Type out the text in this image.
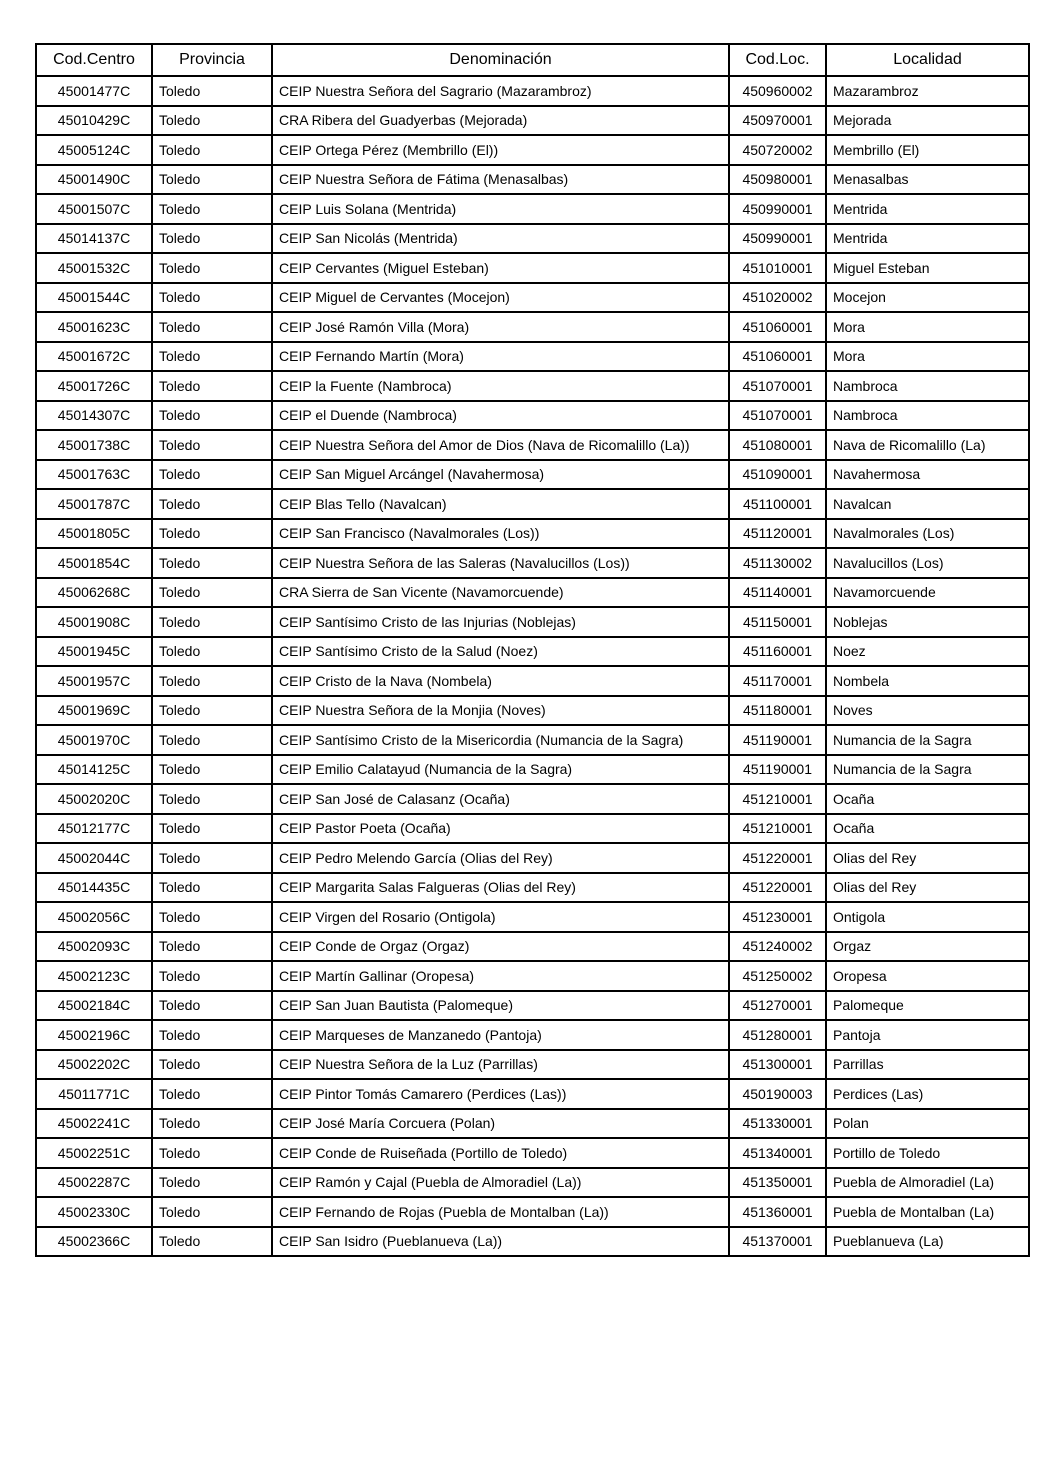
Cod.Centro	Provincia	Denominación	Cod.Loc.	Localidad
45001477C	Toledo	CEIP Nuestra Señora del Sagrario (Mazarambroz)	450960002	Mazarambroz
45010429C	Toledo	CRA Ribera del Guadyerbas (Mejorada)	450970001	Mejorada
45005124C	Toledo	CEIP Ortega Pérez (Membrillo (El))	450720002	Membrillo (El)
45001490C	Toledo	CEIP Nuestra Señora de Fátima (Menasalbas)	450980001	Menasalbas
45001507C	Toledo	CEIP Luis Solana (Mentrida)	450990001	Mentrida
45014137C	Toledo	CEIP San Nicolás (Mentrida)	450990001	Mentrida
45001532C	Toledo	CEIP Cervantes (Miguel Esteban)	451010001	Miguel Esteban
45001544C	Toledo	CEIP Miguel de Cervantes (Mocejon)	451020002	Mocejon
45001623C	Toledo	CEIP José Ramón Villa (Mora)	451060001	Mora
45001672C	Toledo	CEIP Fernando Martín (Mora)	451060001	Mora
45001726C	Toledo	CEIP la Fuente (Nambroca)	451070001	Nambroca
45014307C	Toledo	CEIP el Duende (Nambroca)	451070001	Nambroca
45001738C	Toledo	CEIP Nuestra Señora del Amor de Dios (Nava de Ricomalillo (La))	451080001	Nava de Ricomalillo (La)
45001763C	Toledo	CEIP San Miguel Arcángel (Navahermosa)	451090001	Navahermosa
45001787C	Toledo	CEIP Blas Tello (Navalcan)	451100001	Navalcan
45001805C	Toledo	CEIP San Francisco (Navalmorales (Los))	451120001	Navalmorales (Los)
45001854C	Toledo	CEIP Nuestra Señora de las Saleras (Navalucillos (Los))	451130002	Navalucillos (Los)
45006268C	Toledo	CRA Sierra de San Vicente (Navamorcuende)	451140001	Navamorcuende
45001908C	Toledo	CEIP Santísimo Cristo de las Injurias (Noblejas)	451150001	Noblejas
45001945C	Toledo	CEIP Santísimo Cristo de la Salud (Noez)	451160001	Noez
45001957C	Toledo	CEIP Cristo de la Nava (Nombela)	451170001	Nombela
45001969C	Toledo	CEIP Nuestra Señora de la Monjia (Noves)	451180001	Noves
45001970C	Toledo	CEIP Santísimo Cristo de la Misericordia (Numancia de la Sagra)	451190001	Numancia de la Sagra
45014125C	Toledo	CEIP Emilio Calatayud (Numancia de la Sagra)	451190001	Numancia de la Sagra
45002020C	Toledo	CEIP San José de Calasanz (Ocaña)	451210001	Ocaña
45012177C	Toledo	CEIP Pastor Poeta (Ocaña)	451210001	Ocaña
45002044C	Toledo	CEIP Pedro Melendo García (Olias del Rey)	451220001	Olias del Rey
45014435C	Toledo	CEIP Margarita Salas Falgueras (Olias del Rey)	451220001	Olias del Rey
45002056C	Toledo	CEIP Virgen del Rosario (Ontigola)	451230001	Ontigola
45002093C	Toledo	CEIP Conde de Orgaz (Orgaz)	451240002	Orgaz
45002123C	Toledo	CEIP Martín Gallinar (Oropesa)	451250002	Oropesa
45002184C	Toledo	CEIP San Juan Bautista (Palomeque)	451270001	Palomeque
45002196C	Toledo	CEIP Marqueses de Manzanedo (Pantoja)	451280001	Pantoja
45002202C	Toledo	CEIP Nuestra Señora de la Luz (Parrillas)	451300001	Parrillas
45011771C	Toledo	CEIP Pintor Tomás Camarero (Perdices (Las))	450190003	Perdices (Las)
45002241C	Toledo	CEIP José María Corcuera (Polan)	451330001	Polan
45002251C	Toledo	CEIP Conde de Ruiseñada (Portillo de Toledo)	451340001	Portillo de Toledo
45002287C	Toledo	CEIP Ramón y Cajal (Puebla de Almoradiel (La))	451350001	Puebla de Almoradiel (La)
45002330C	Toledo	CEIP Fernando de Rojas (Puebla de Montalban (La))	451360001	Puebla de Montalban (La)
45002366C	Toledo	CEIP San Isidro (Pueblanueva (La))	451370001	Pueblanueva (La)
